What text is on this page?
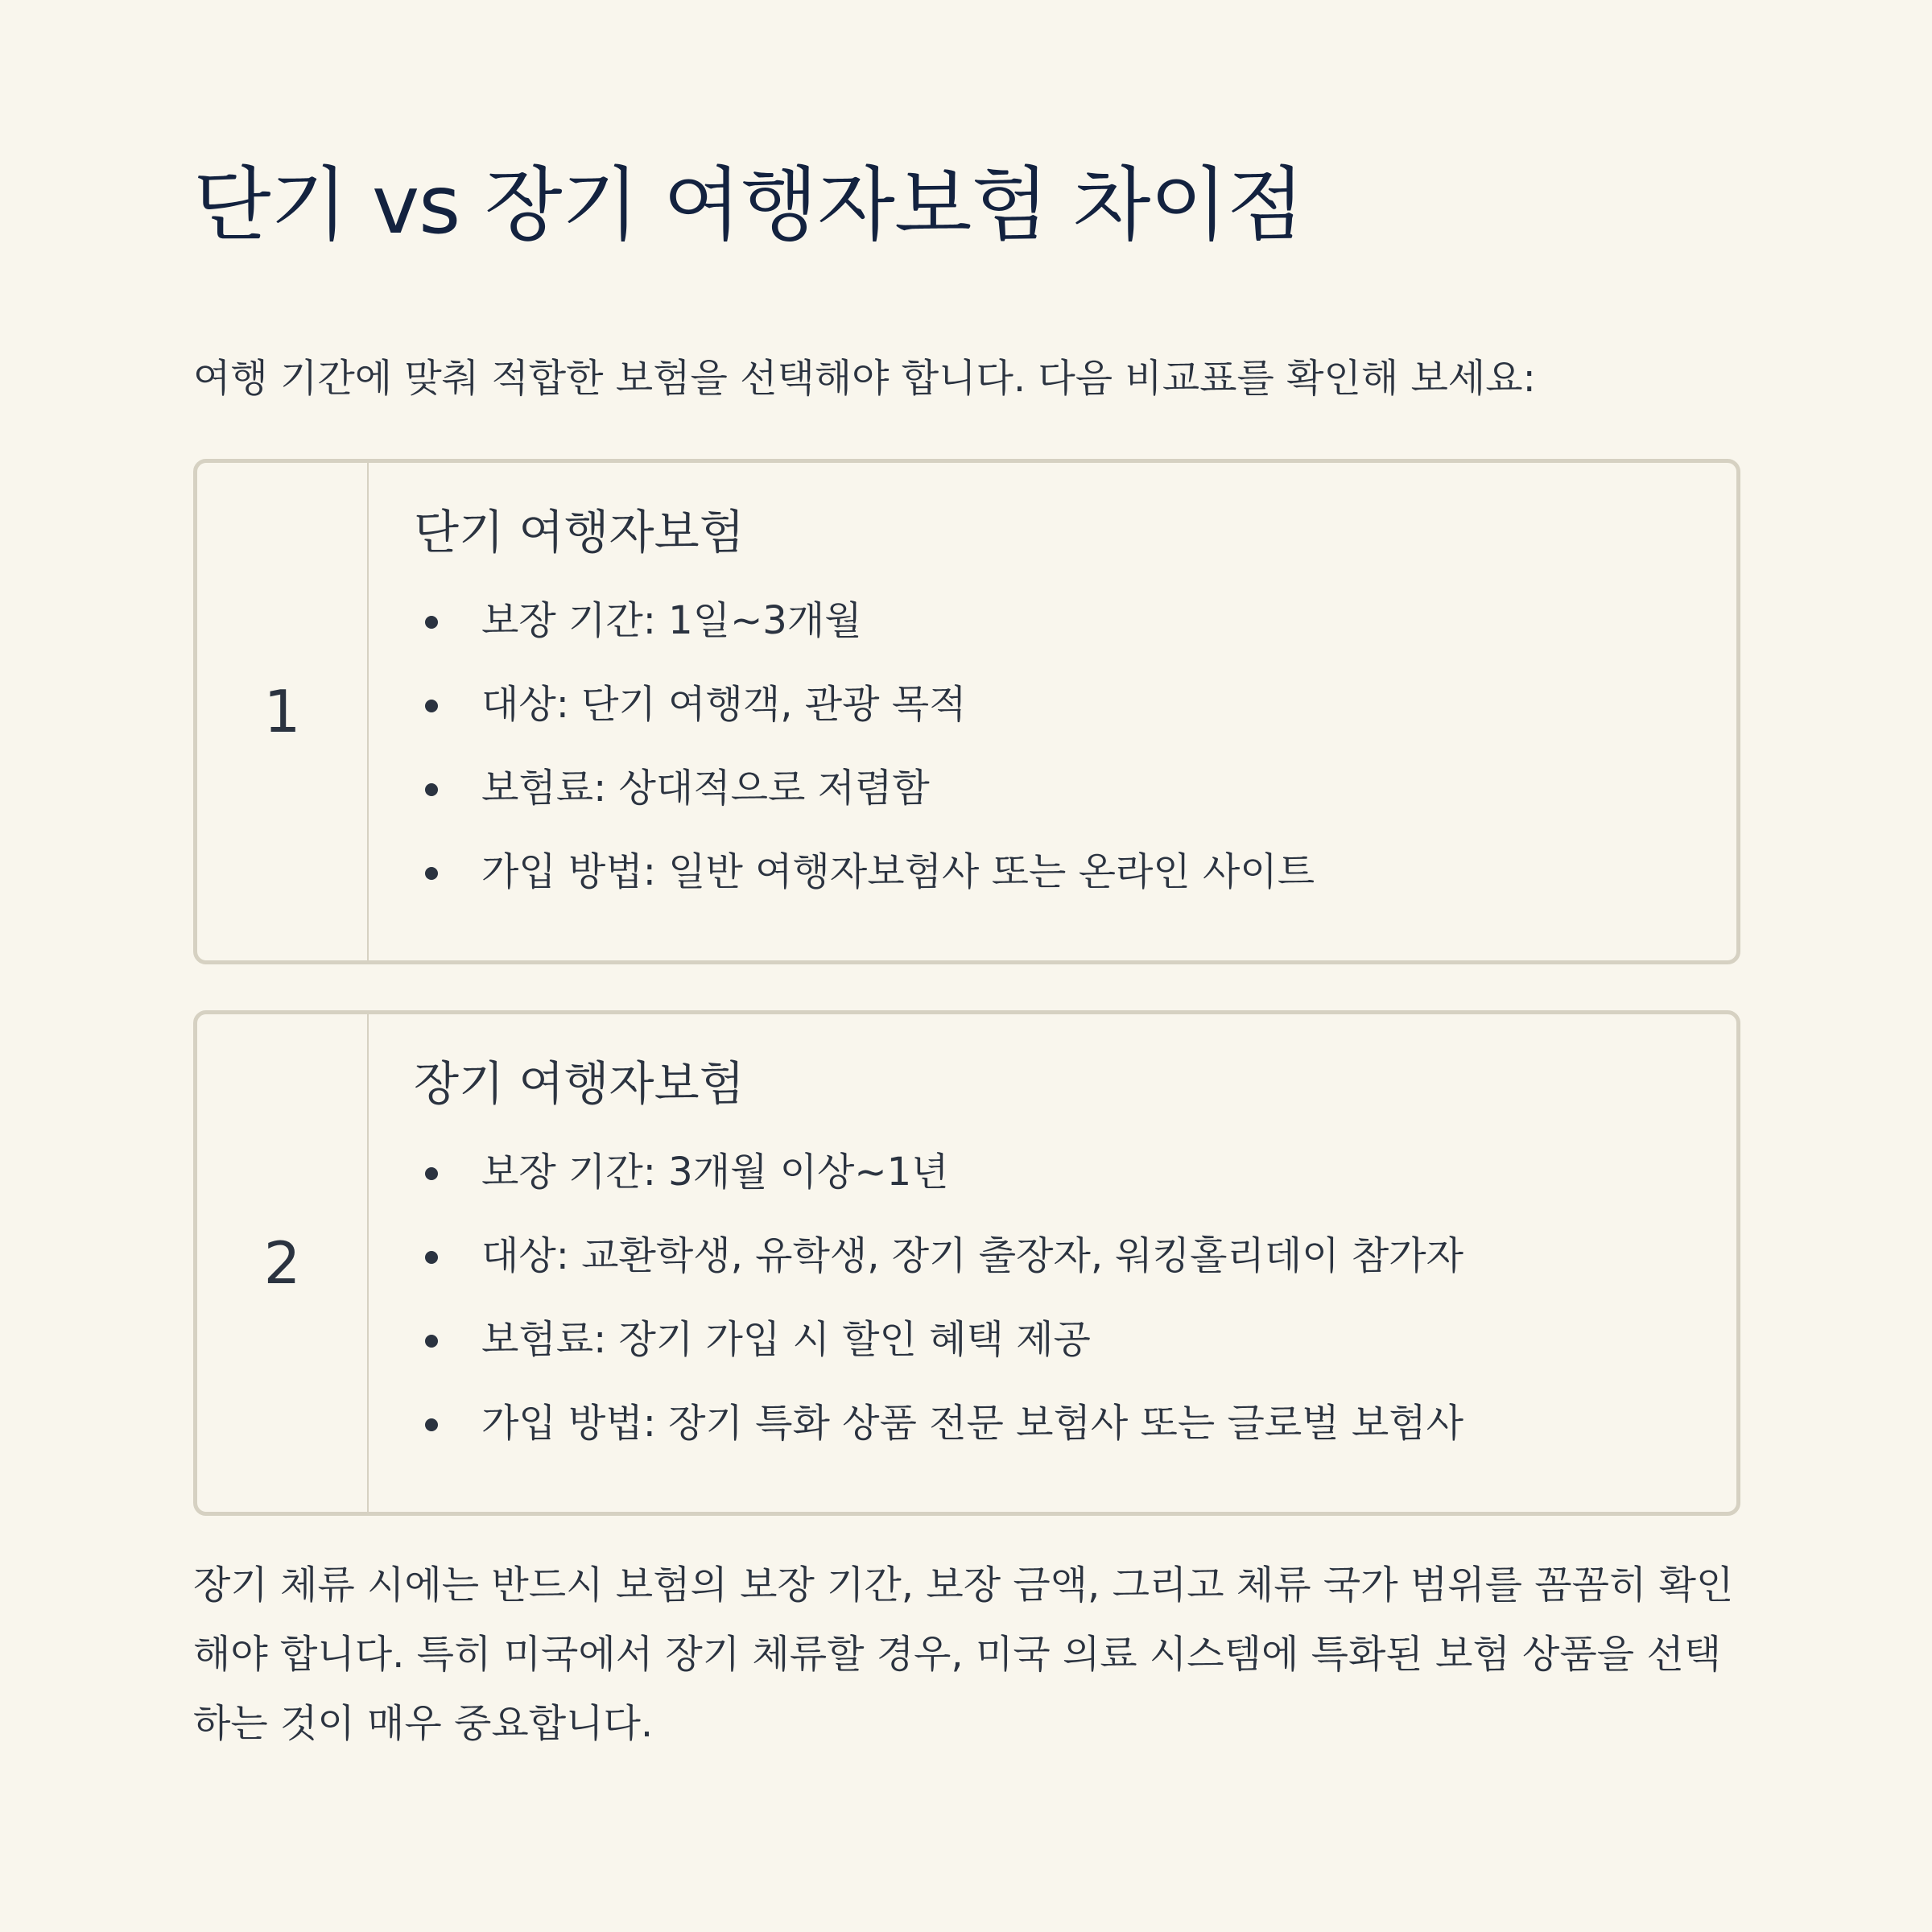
단기 vs 장기 여행자보험 차이점

여행 기간에 맞춰 적합한 보험을 선택해야 합니다. 다음 비교표를 확인해 보세요:

1
단기 여행자보험
보장 기간: 1일~3개월
대상: 단기 여행객, 관광 목적
보험료: 상대적으로 저렴함
가입 방법: 일반 여행자보험사 또는 온라인 사이트
2
장기 여행자보험
보장 기간: 3개월 이상~1년
대상: 교환학생, 유학생, 장기 출장자, 워킹홀리데이 참가자
보험료: 장기 가입 시 할인 혜택 제공
가입 방법: 장기 특화 상품 전문 보험사 또는 글로벌 보험사

장기 체류 시에는 반드시 보험의 보장 기간, 보장 금액, 그리고 체류 국가 범위를 꼼꼼히 확인해야 합니다. 특히 미국에서 장기 체류할 경우, 미국 의료 시스템에 특화된 보험 상품을 선택하는 것이 매우 중요합니다.
